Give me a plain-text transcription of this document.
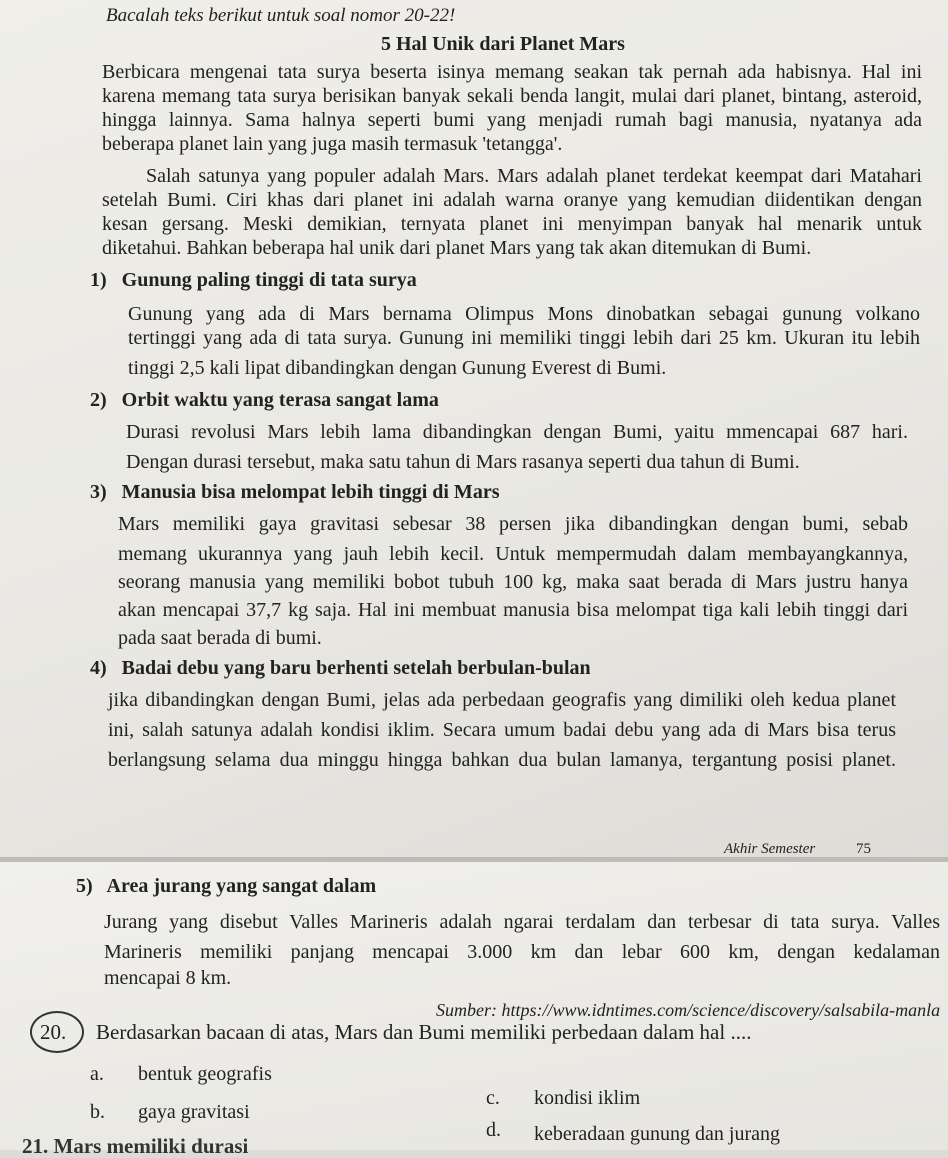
Bacalah teks berikut untuk soal nomor 20-22!
5 Hal Unik dari Planet Mars
Berbicara mengenai tata surya beserta isinya memang seakan tak pernah ada habisnya. Hal ini
karena memang tata surya berisikan banyak sekali benda langit, mulai dari planet, bintang, asteroid,
hingga lainnya. Sama halnya seperti bumi yang menjadi rumah bagi manusia, nyatanya ada
beberapa planet lain yang juga masih termasuk 'tetangga'.
Salah satunya yang populer adalah Mars. Mars adalah planet terdekat keempat dari Matahari
setelah Bumi. Ciri khas dari planet ini adalah warna oranye yang kemudian diidentikan dengan
kesan gersang. Meski demikian, ternyata planet ini menyimpan banyak hal menarik untuk
diketahui. Bahkan beberapa hal unik dari planet Mars yang tak akan ditemukan di Bumi.
1)  Gunung paling tinggi di tata surya
Gunung yang ada di Mars bernama Olimpus Mons dinobatkan sebagai gunung volkano
tertinggi yang ada di tata surya. Gunung ini memiliki tinggi lebih dari 25 km. Ukuran itu lebih
tinggi 2,5 kali lipat dibandingkan dengan Gunung Everest di Bumi.
2)  Orbit waktu yang terasa sangat lama
Durasi revolusi Mars lebih lama dibandingkan dengan Bumi, yaitu mmencapai 687 hari.
Dengan durasi tersebut, maka satu tahun di Mars rasanya seperti dua tahun di Bumi.
3)  Manusia bisa melompat lebih tinggi di Mars
Mars memiliki gaya gravitasi sebesar 38 persen jika dibandingkan dengan bumi, sebab
memang ukurannya yang jauh lebih kecil. Untuk mempermudah dalam membayangkannya,
seorang manusia yang memiliki bobot tubuh 100 kg, maka saat berada di Mars justru hanya
akan mencapai 37,7 kg saja. Hal ini membuat manusia bisa melompat tiga kali lebih tinggi dari
pada saat berada di bumi.
4)  Badai debu yang baru berhenti setelah berbulan-bulan
jika dibandingkan dengan Bumi, jelas ada perbedaan geografis yang dimiliki oleh kedua planet
ini, salah satunya adalah kondisi iklim. Secara umum badai debu yang ada di Mars bisa terus
berlangsung selama dua minggu hingga bahkan dua bulan lamanya, tergantung posisi planet.
Akhir Semester	75
5)  Area jurang yang sangat dalam
Jurang yang disebut Valles Marineris adalah ngarai terdalam dan terbesar di tata surya. Valles
Marineris memiliki panjang mencapai 3.000 km dan lebar 600 km, dengan kedalaman
mencapai 8 km.
Sumber: https://www.idntimes.com/science/discovery/salsabila-manla
20. Berdasarkan bacaan di atas, Mars dan Bumi memiliki perbedaan dalam hal ....
a. bentuk geografis
c. kondisi iklim
b. gaya gravitasi
d. keberadaan gunung dan jurang
21. Mars memiliki durasi
